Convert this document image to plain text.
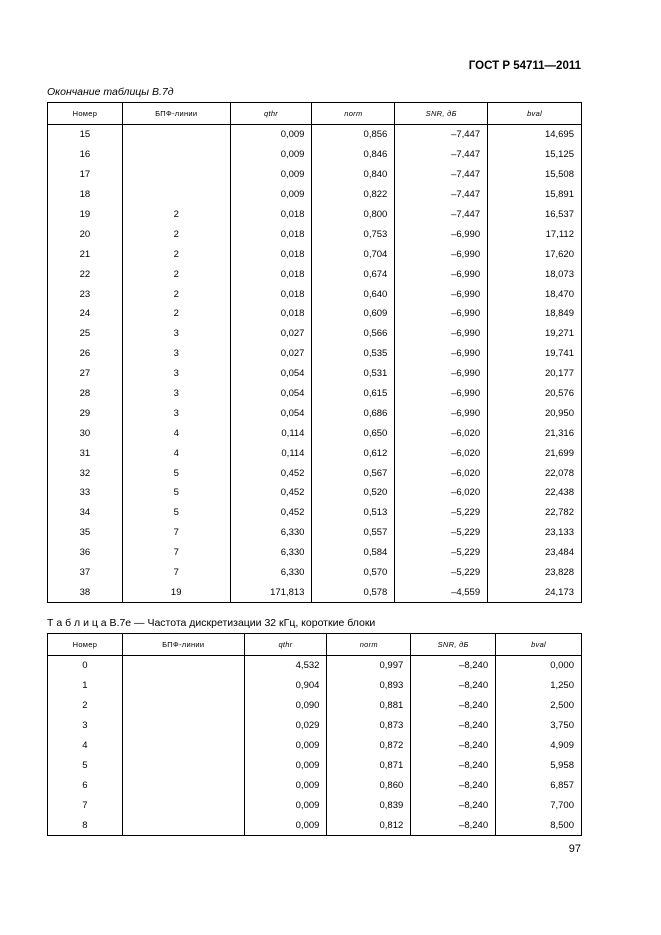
ГОСТ Р 54711—2011
Окончание таблицы В.7д
Номер	БПФ-линии	qthr	norm	SNR, дБ	bval
15		0,009	0,856	–7,447	14,695
16		0,009	0,846	–7,447	15,125
17		0,009	0,840	–7,447	15,508
18		0,009	0,822	–7,447	15,891
19	2	0,018	0,800	–7,447	16,537
20	2	0,018	0,753	–6,990	17,112
21	2	0,018	0,704	–6,990	17,620
22	2	0,018	0,674	–6,990	18,073
23	2	0,018	0,640	–6,990	18,470
24	2	0,018	0,609	–6,990	18,849
25	3	0,027	0,566	–6,990	19,271
26	3	0,027	0,535	–6,990	19,741
27	3	0,054	0,531	–6,990	20,177
28	3	0,054	0,615	–6,990	20,576
29	3	0,054	0,686	–6,990	20,950
30	4	0,114	0,650	–6,020	21,316
31	4	0,114	0,612	–6,020	21,699
32	5	0,452	0,567	–6,020	22,078
33	5	0,452	0,520	–6,020	22,438
34	5	0,452	0,513	–5,229	22,782
35	7	6,330	0,557	–5,229	23,133
36	7	6,330	0,584	–5,229	23,484
37	7	6,330	0,570	–5,229	23,828
38	19	171,813	0,578	–4,559	24,173
Т а б л и ц а В.7е — Частота дискретизации 32 кГц, короткие блоки
Номер	БПФ-линии	qthr	norm	SNR, дБ	bval
0		4,532	0,997	–8,240	0,000
1		0,904	0,893	–8,240	1,250
2		0,090	0,881	–8,240	2,500
3		0,029	0,873	–8,240	3,750
4		0,009	0,872	–8,240	4,909
5		0,009	0,871	–8,240	5,958
6		0,009	0,860	–8,240	6,857
7		0,009	0,839	–8,240	7,700
8		0,009	0,812	–8,240	8,500
97
